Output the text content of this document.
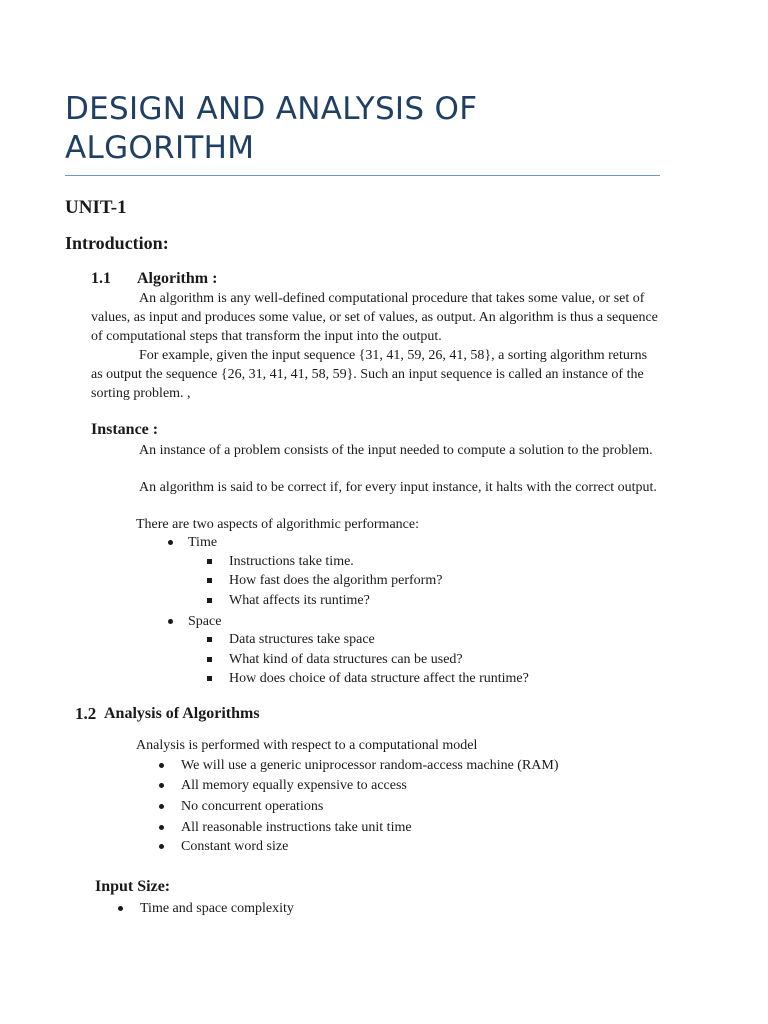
DESIGN AND ANALYSIS OF ALGORITHM
UNIT-1
Introduction:
1.1 Algorithm :

An algorithm is any well-defined computational procedure that takes some value, or set of values, as input and produces some value, or set of values, as output. An algorithm is thus a sequence of computational steps that transform the input into the output.

For example, given the input sequence {31, 41, 59, 26, 41, 58}, a sorting algorithm returns as output the sequence {26, 31, 41, 41, 58, 59}. Such an input sequence is called an instance of the sorting problem. ,

Instance :

An instance of a problem consists of the input needed to compute a solution to the problem.

An algorithm is said to be correct if, for every input instance, it halts with the correct output.

There are two aspects of algorithmic performance:
Time
Instructions take time.
How fast does the algorithm perform?
What affects its runtime?
Space
Data structures take space
What kind of data structures can be used?
How does choice of data structure affect the runtime?
1.2 Analysis of Algorithms
Analysis is performed with respect to a computational model
We will use a generic uniprocessor random-access machine (RAM)
All memory equally expensive to access
No concurrent operations
All reasonable instructions take unit time
Constant word size
Input Size:
Time and space complexity
